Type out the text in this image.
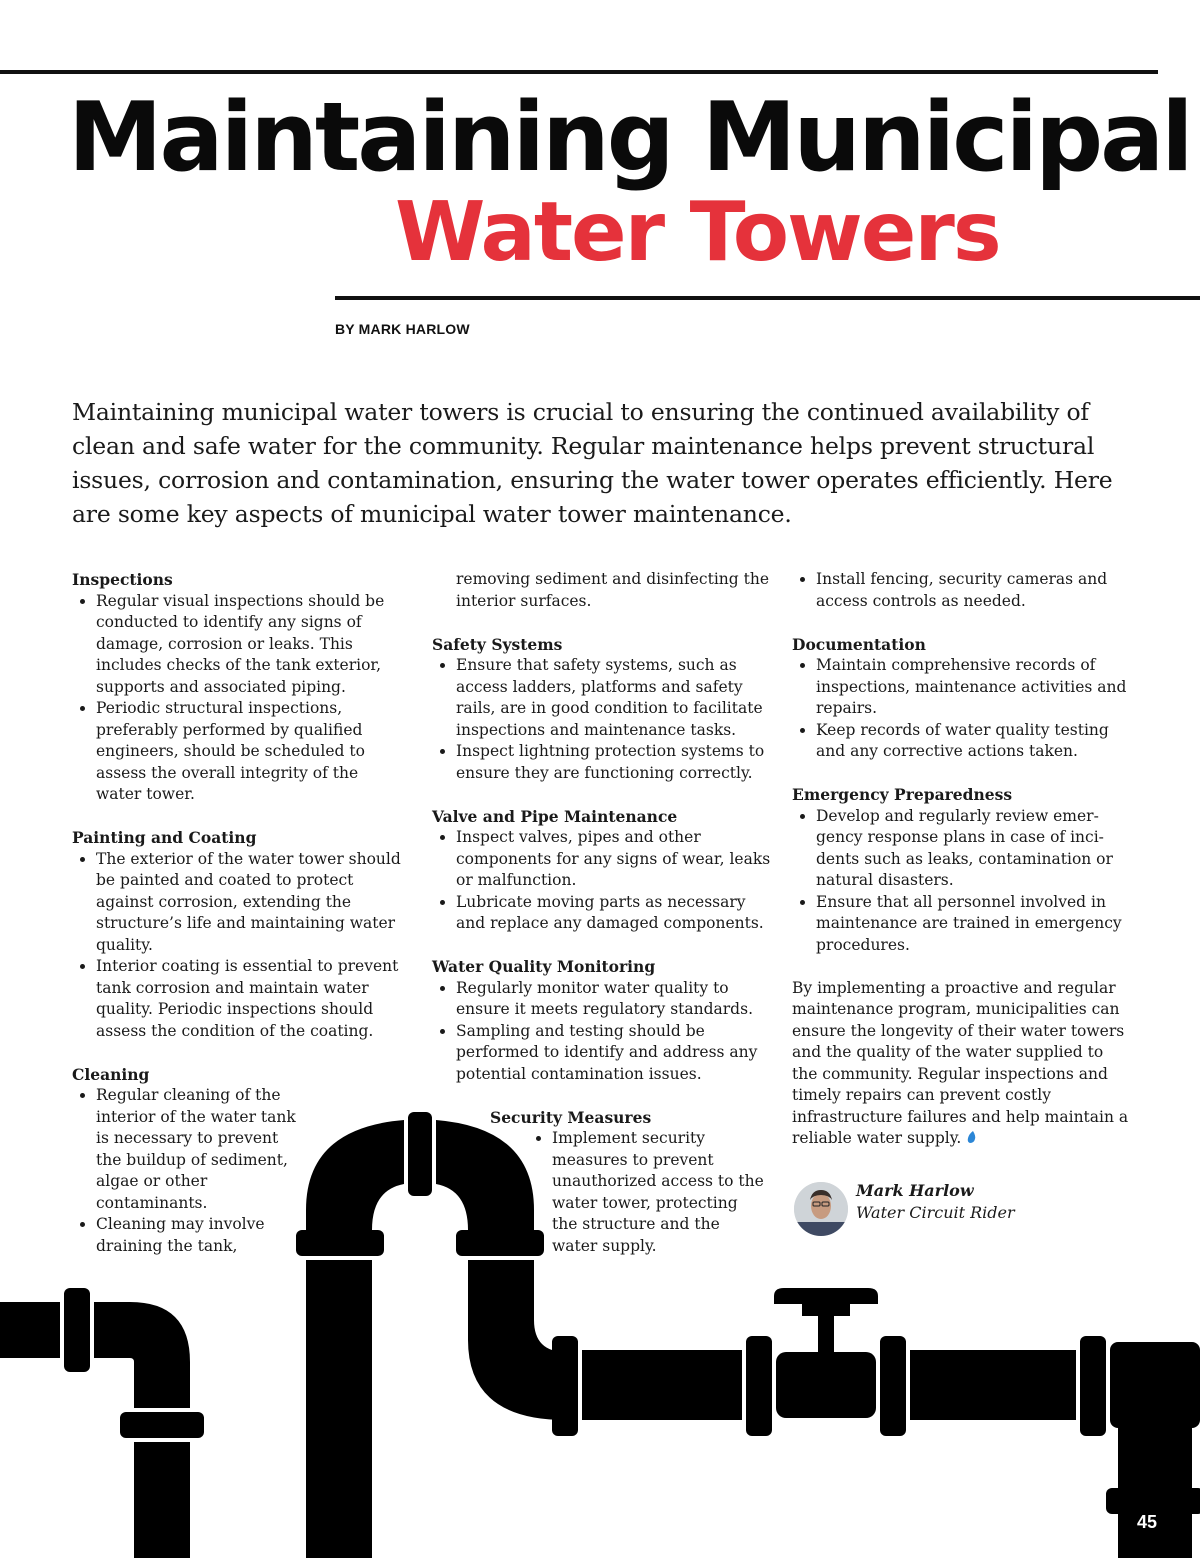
Maintaining Municipal
Water Towers
BY MARK HARLOW
Maintaining municipal water towers is crucial to ensuring the continued availability of clean and safe water for the community. Regular maintenance helps prevent structural issues, corrosion and contamination, ensuring the water tower operates efficiently. Here are some key aspects of municipal water tower maintenance.
Inspections
• Regular visual inspections should be conducted to identify any signs of damage, corrosion or leaks. This includes checks of the tank exterior, supports and associated piping.
• Periodic structural inspections, preferably performed by qualified engineers, should be scheduled to assess the overall integrity of the water tower.
Painting and Coating
• The exterior of the water tower should be painted and coated to protect against corrosion, extending the structure’s life and maintaining water quality.
• Interior coating is essential to prevent tank corrosion and maintain water quality. Periodic inspections should assess the condition of the coating.
Cleaning
• Regular cleaning of the interior of the water tank is necessary to prevent the buildup of sediment, algae or other contaminants.
• Cleaning may involve draining the tank,
removing sediment and disinfecting the interior surfaces.
Safety Systems
• Ensure that safety systems, such as access ladders, platforms and safety rails, are in good condition to facilitate inspections and maintenance tasks.
• Inspect lightning protection systems to ensure they are functioning correctly.
Valve and Pipe Maintenance
• Inspect valves, pipes and other components for any signs of wear, leaks or malfunction.
• Lubricate moving parts as necessary and replace any damaged components.
Water Quality Monitoring
• Regularly monitor water quality to ensure it meets regulatory standards.
• Sampling and testing should be performed to identify and address any potential contamination issues.
Security Measures
• Implement security measures to prevent unauthorized access to the water tower, protecting the structure and the water supply.
• Install fencing, security cameras and access controls as needed.
Documentation
• Maintain comprehensive records of inspections, maintenance activities and repairs.
• Keep records of water quality testing and any corrective actions taken.
Emergency Preparedness
• Develop and regularly review emergency response plans in case of incidents such as leaks, contamination or natural disasters.
• Ensure that all personnel involved in maintenance are trained in emergency procedures.
By implementing a proactive and regular maintenance program, municipalities can ensure the longevity of their water towers and the quality of the water supplied to the community. Regular inspections and timely repairs can prevent costly infrastructure failures and help maintain a reliable water supply.
Mark Harlow
Water Circuit Rider
45
